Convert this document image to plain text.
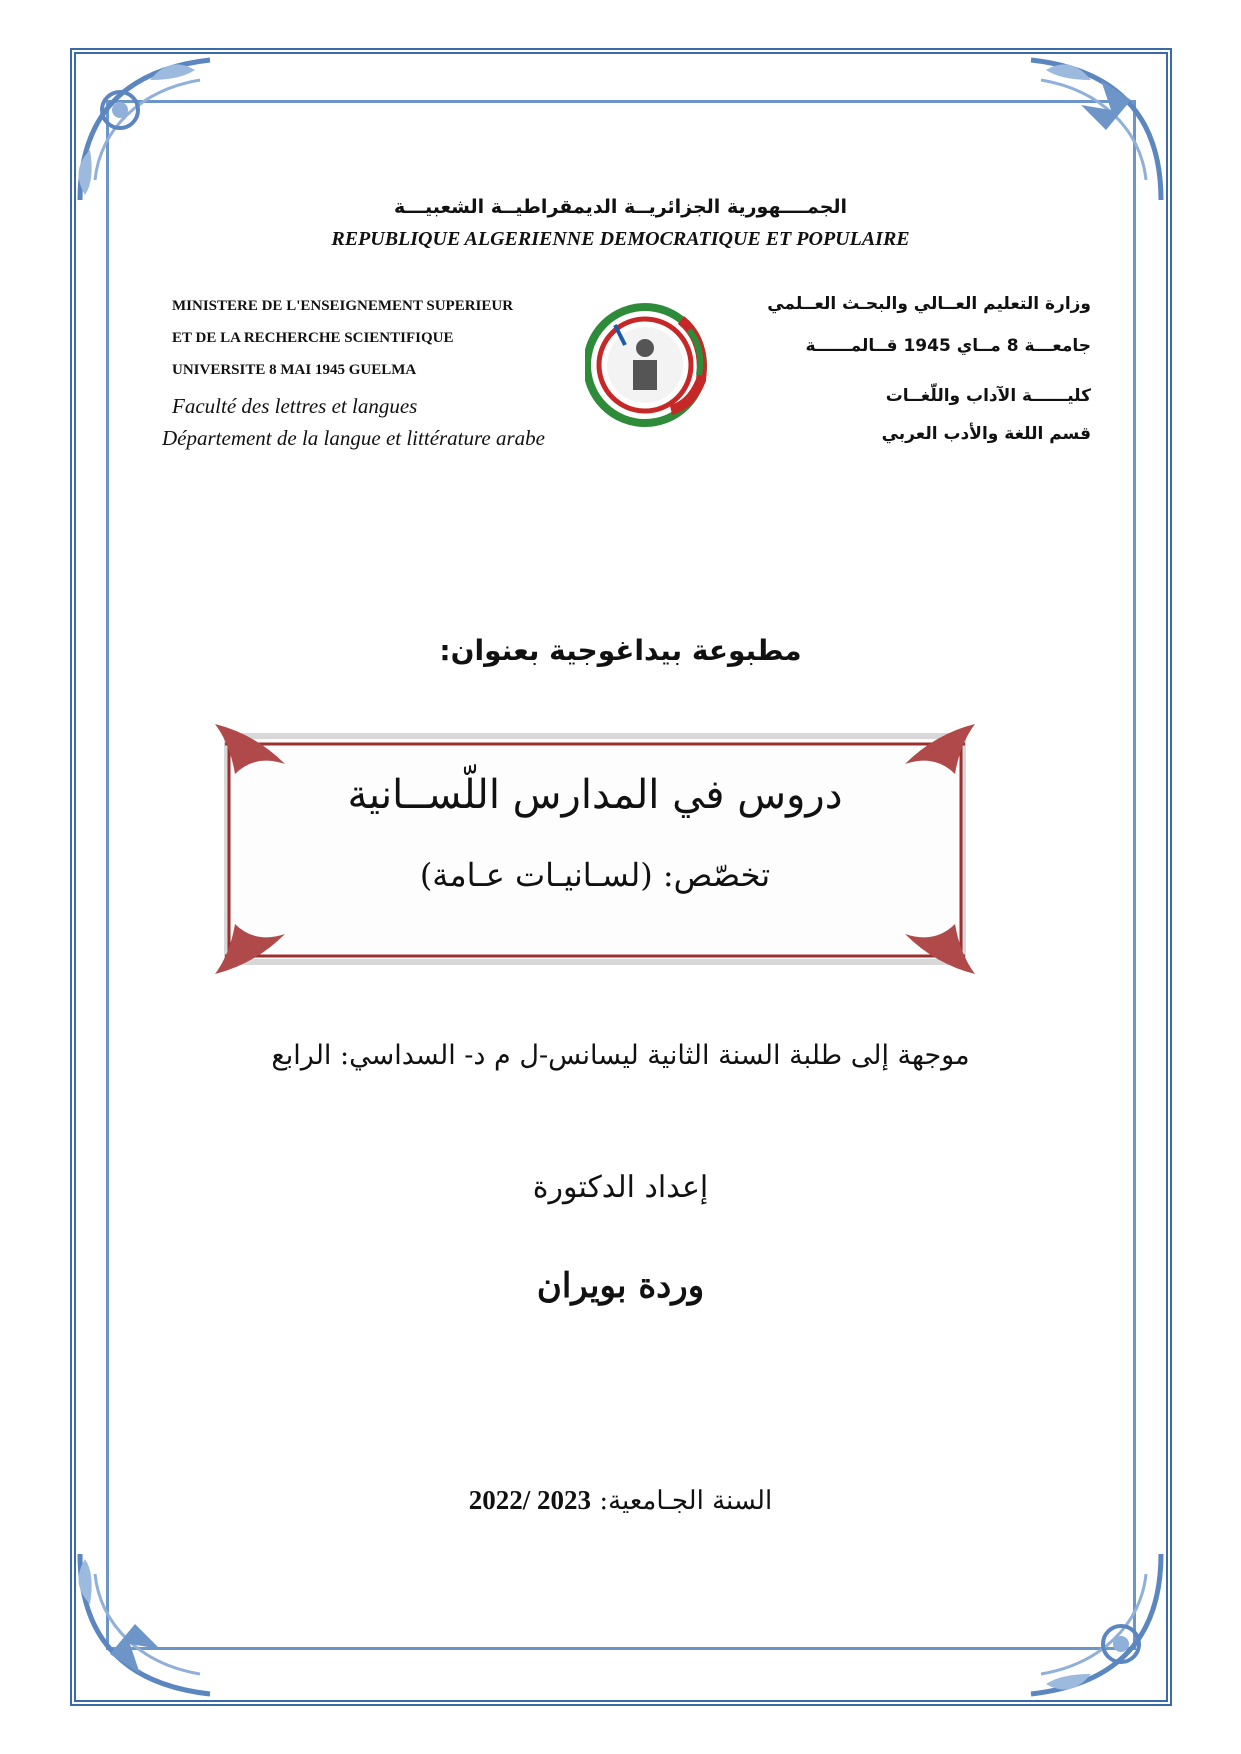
الجمــــهورية الجزائريــة الديمقراطيــة الشعبيـــة
REPUBLIQUE ALGERIENNE DEMOCRATIQUE ET POPULAIRE
MINISTERE DE L'ENSEIGNEMENT SUPERIEUR
ET DE LA RECHERCHE SCIENTIFIQUE
UNIVERSITE 8 MAI 1945 GUELMA
Faculté des lettres et langues
Département de la langue et littérature arabe
وزارة التعليم العــالي والبحـث العــلمي
جامعـــة 8 مــاي 1945 قــالمــــــة
كليــــــة الآداب واللّغــات
قسم اللغة والأدب العربي
مطبوعة بيداغوجية بعنوان:
دروس في المدارس اللّســانية
تخصّص: (لسـانيـات عـامة)
موجهة إلى طلبة السنة الثانية ليسانس-ل م د- السداسي: الرابع
إعداد الدكتورة
وردة بويران
السنة الجـامعية: 2022/ 2023
